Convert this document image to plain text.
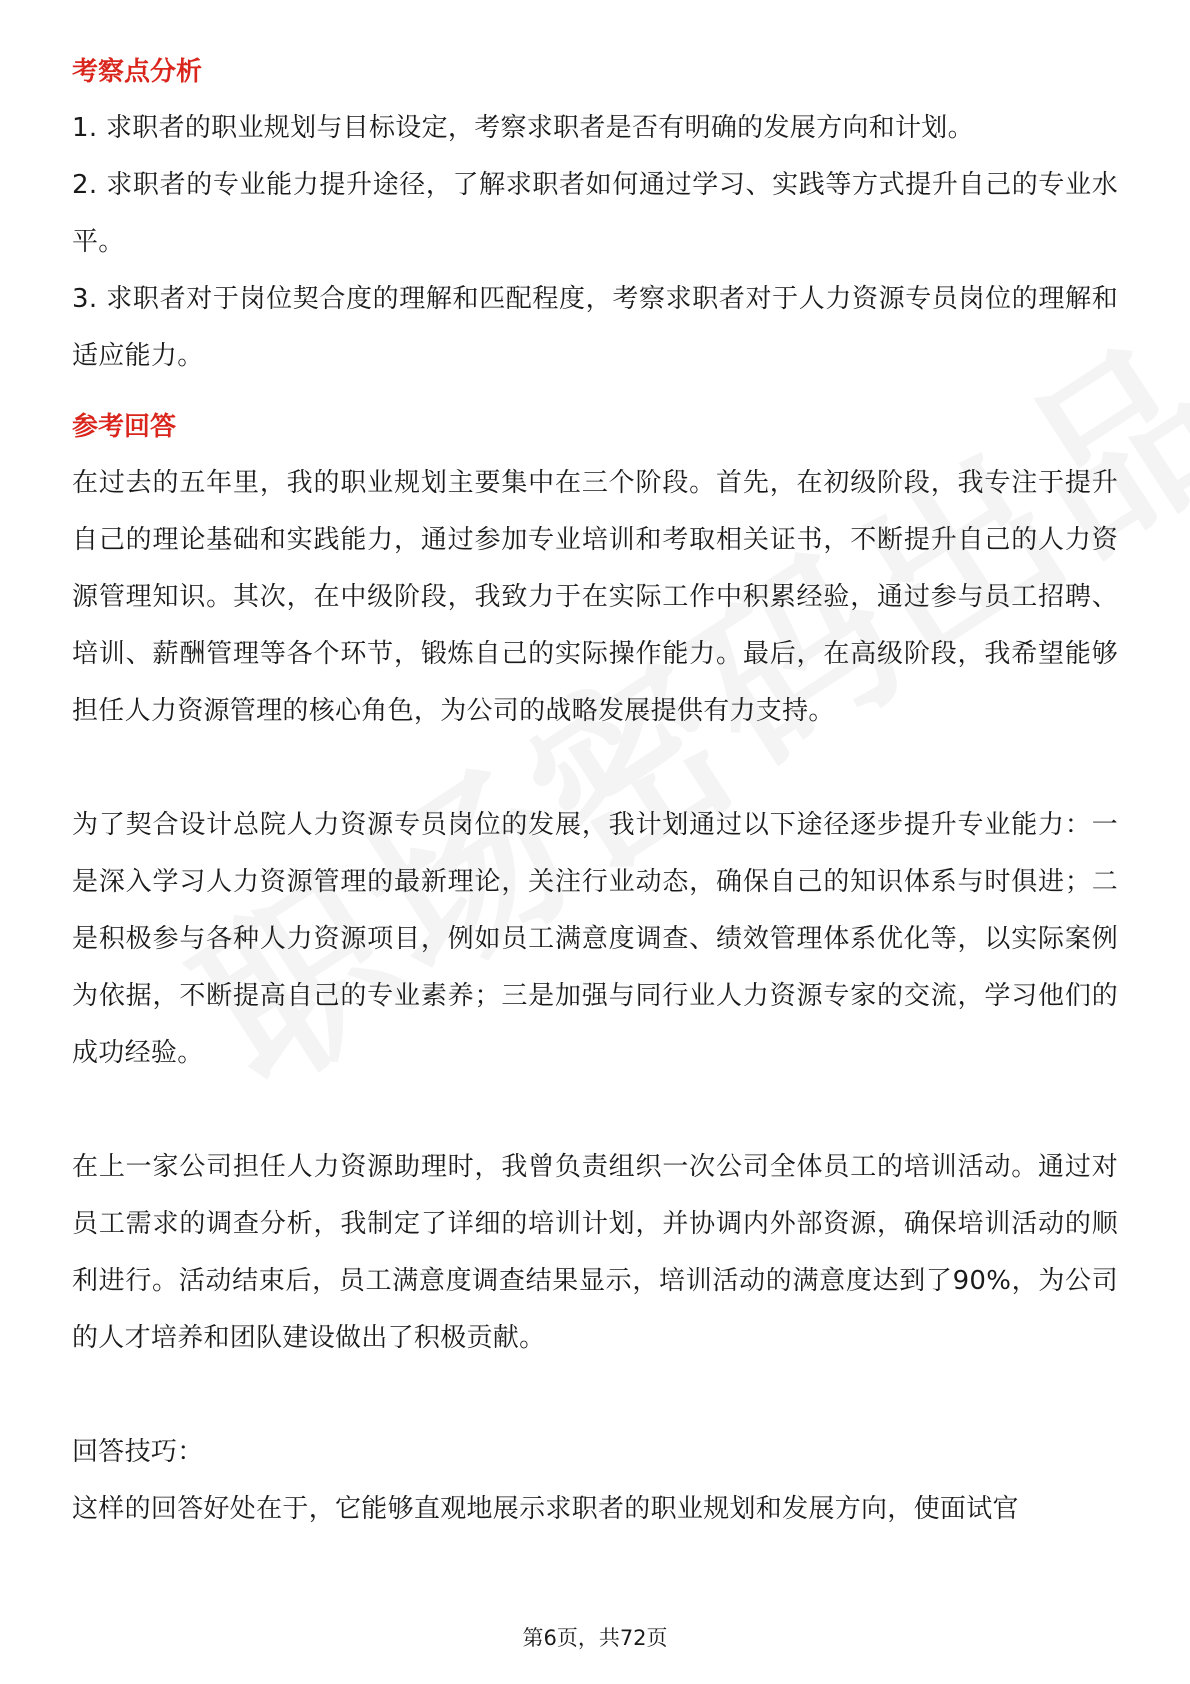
考察点分析

1. 求职者的职业规划与目标设定，考察求职者是否有明确的发展方向和计划。

2. 求职者的专业能力提升途径，了解求职者如何通过学习、实践等方式提升自己的专业水平。

3. 求职者对于岗位契合度的理解和匹配程度，考察求职者对于人力资源专员岗位的理解和适应能力。

参考回答

在过去的五年里，我的职业规划主要集中在三个阶段。首先，在初级阶段，我专注于提升自己的理论基础和实践能力，通过参加专业培训和考取相关证书，不断提升自己的人力资源管理知识。其次，在中级阶段，我致力于在实际工作中积累经验，通过参与员工招聘、培训、薪酬管理等各个环节，锻炼自己的实际操作能力。最后，在高级阶段，我希望能够担任人力资源管理的核心角色，为公司的战略发展提供有力支持。

为了契合设计总院人力资源专员岗位的发展，我计划通过以下途径逐步提升专业能力：一是深入学习人力资源管理的最新理论，关注行业动态，确保自己的知识体系与时俱进；二是积极参与各种人力资源项目，例如员工满意度调查、绩效管理体系优化等，以实际案例为依据，不断提高自己的专业素养；三是加强与同行业人力资源专家的交流，学习他们的成功经验。

在上一家公司担任人力资源助理时，我曾负责组织一次公司全体员工的培训活动。通过对员工需求的调查分析，我制定了详细的培训计划，并协调内外部资源，确保培训活动的顺利进行。活动结束后，员工满意度调查结果显示，培训活动的满意度达到了90%，为公司的人才培养和团队建设做出了积极贡献。

回答技巧：

这样的回答好处在于，它能够直观地展示求职者的职业规划和发展方向，使面试官

第6页，共72页
